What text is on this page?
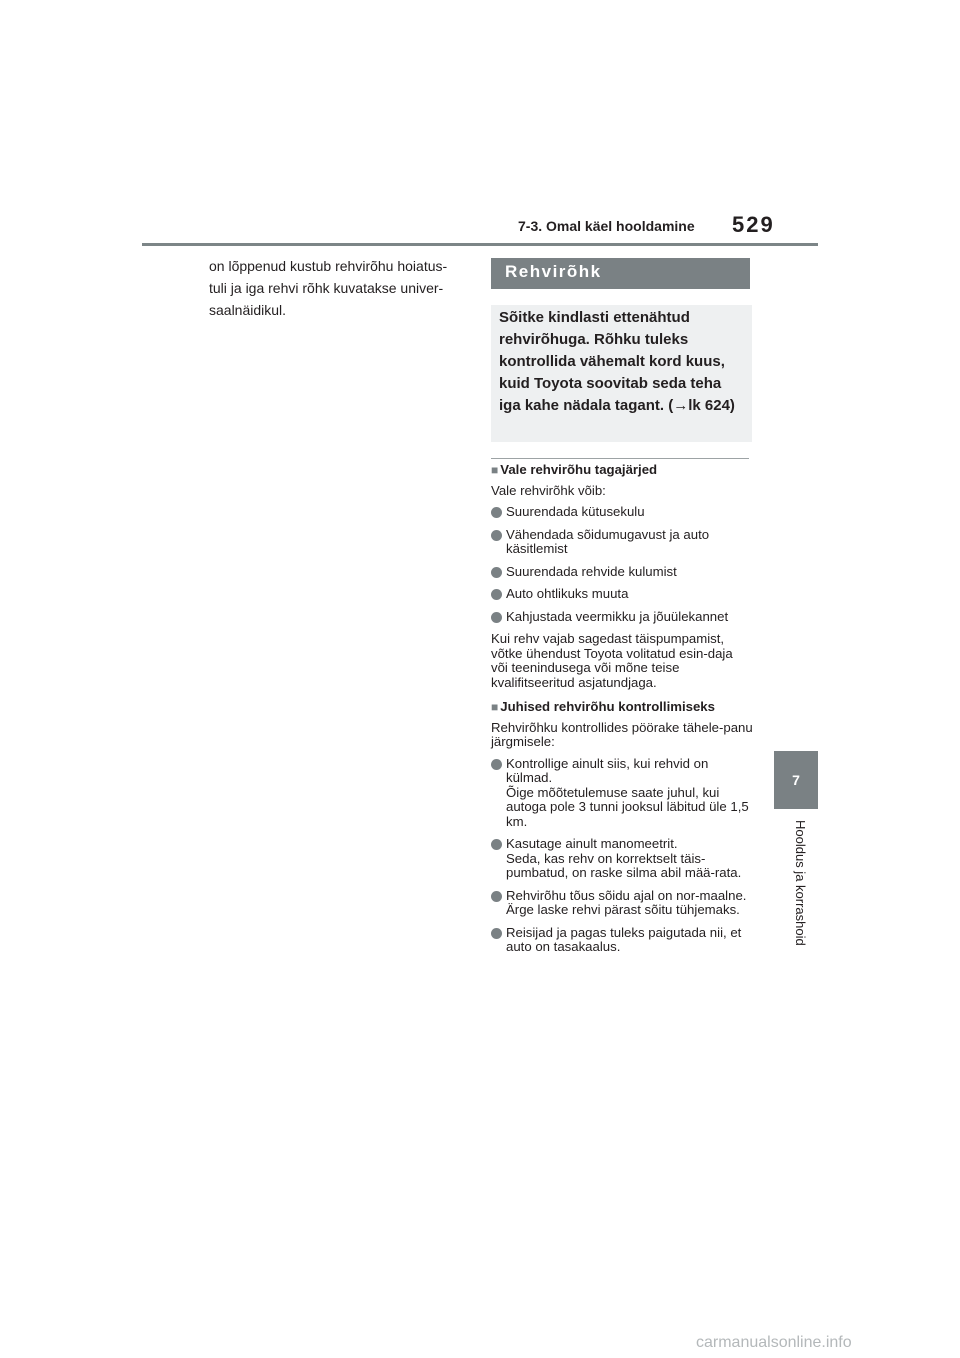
7-3. Omal käel hooldamine 529
on lõppenud kustub rehvirõhu hoiatus-tuli ja iga rehvi rõhk kuvatakse univer-saalnäidikul.
Rehvirõhk
Sõitke kindlasti ettenähtud rehvirõhuga. Rõhku tuleks kontrollida vähemalt kord kuus, kuid Toyota soovitab seda teha iga kahe nädala tagant. (→lk 624)
■ Vale rehvirõhu tagajärjed
Vale rehvirõhk võib:
Suurendada kütusekulu
Vähendada sõidumugavust ja auto käsitlemist
Suurendada rehvide kulumist
Auto ohtlikuks muuta
Kahjustada veermikku ja jõuülekannet
Kui rehv vajab sagedast täispumpamist, võtke ühendust Toyota volitatud esin-daja või teenindusega või mõne teise kvalifitseeritud asjatundjaga.
■ Juhised rehvirõhu kontrollimiseks
Rehvirõhku kontrollides pöörake tähele-panu järgmisele:
Kontrollige ainult siis, kui rehvid on külmad.
Õige mõõtetulemuse saate juhul, kui autoga pole 3 tunni jooksul läbitud üle 1,5 km.
Kasutage ainult manomeetrit.
Seda, kas rehv on korrektselt täis-pumbatud, on raske silma abil mää-rata.
Rehvirõhu tõus sõidu ajal on nor-maalne. Ärge laske rehvi pärast sõitu tühjemaks.
Reisijad ja pagas tuleks paigutada nii, et auto on tasakaalus.
7
Hooldus ja korrashoid
carmanualsonline.info
